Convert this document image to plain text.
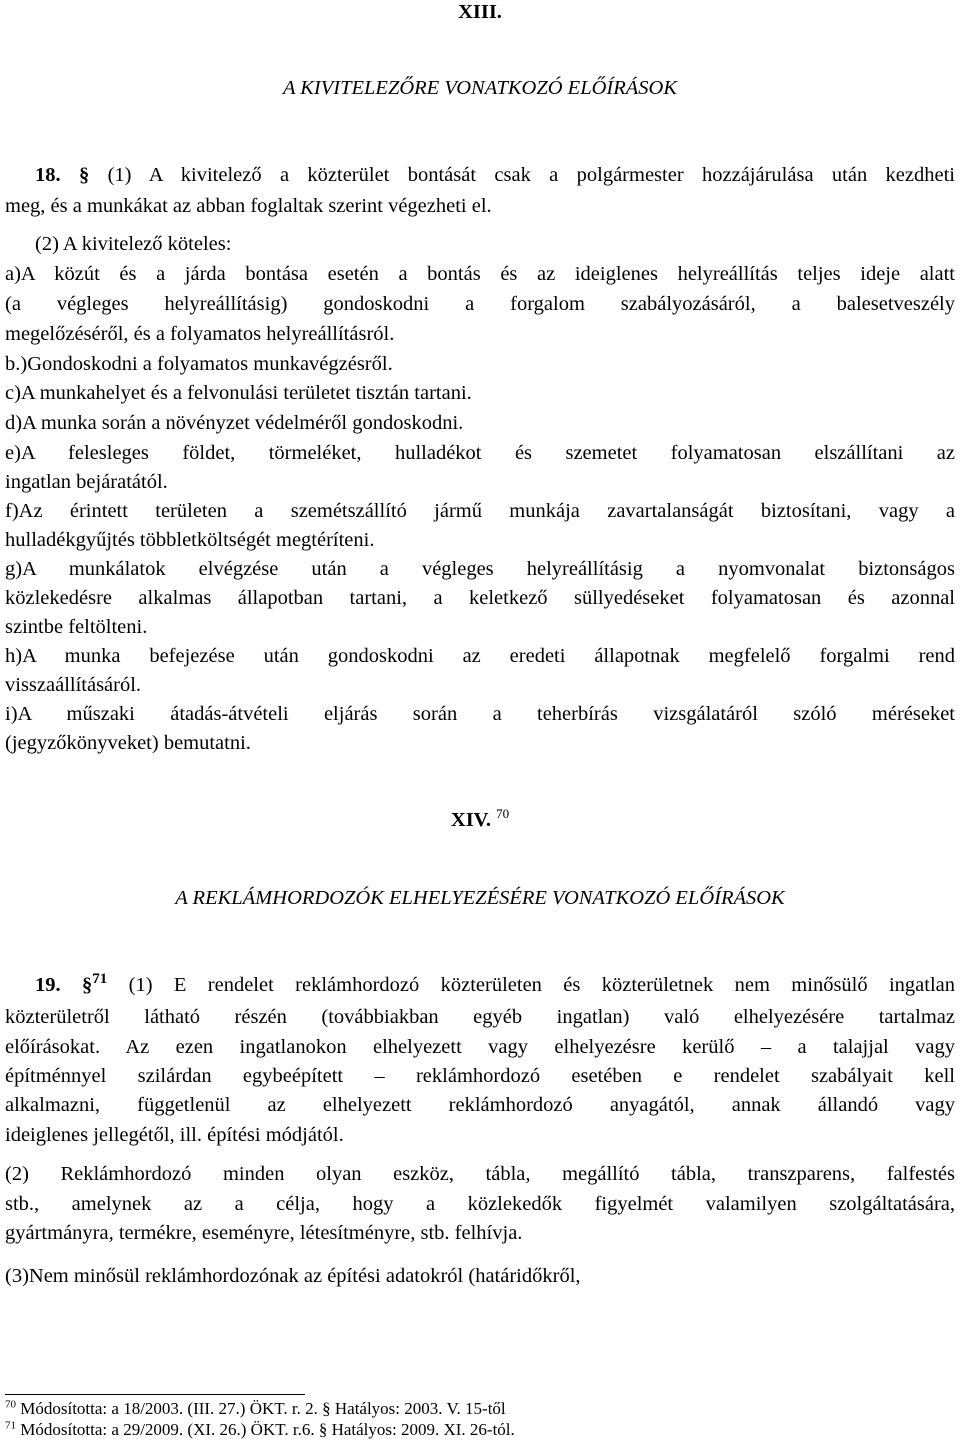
XIII.
A KIVITELEZŐRE VONATKOZÓ ELŐÍRÁSOK
18. § (1) A kivitelező a közterület bontását csak a polgármester hozzájárulása után kezdheti
meg, és a munkákat az abban foglaltak szerint végezheti el.
(2) A kivitelező köteles:
a)A közút és a járda bontása esetén a bontás és az ideiglenes helyreállítás teljes ideje alatt
(a végleges helyreállításig) gondoskodni a forgalom szabályozásáról, a balesetveszély
megelőzéséről, és a folyamatos helyreállításról.
b.)Gondoskodni a folyamatos munkavégzésről.
c)A munkahelyet és a felvonulási területet tisztán tartani.
d)A munka során a növényzet védelméről gondoskodni.
e)A felesleges földet, törmeléket, hulladékot és szemetet folyamatosan elszállítani az
ingatlan bejáratától.
f)Az érintett területen a szemétszállító jármű munkája zavartalanságát biztosítani, vagy a
hulladékgyűjtés többletköltségét megtéríteni.
g)A munkálatok elvégzése után a végleges helyreállításig a nyomvonalat biztonságos
közlekedésre alkalmas állapotban tartani, a keletkező süllyedéseket folyamatosan és azonnal
szintbe feltölteni.
h)A munka befejezése után gondoskodni az eredeti állapotnak megfelelő forgalmi rend
visszaállításáról.
i)A műszaki átadás-átvételi eljárás során a teherbírás vizsgálatáról szóló méréseket
(jegyzőkönyveket) bemutatni.
XIV. $^{70}$
A REKLÁMHORDOZÓK ELHELYEZÉSÉRE VONATKOZÓ ELŐÍRÁSOK
19. §$^{71}$ (1) E rendelet reklámhordozó közterületen és közterületnek nem minősülő ingatlan
közterületről látható részén (továbbiakban egyéb ingatlan) való elhelyezésére tartalmaz
előírásokat. Az ezen ingatlanokon elhelyezett vagy elhelyezésre kerülő – a talajjal vagy
építménnyel szilárdan egybeépített – reklámhordozó esetében e rendelet szabályait kell
alkalmazni, függetlenül az elhelyezett reklámhordozó anyagától, annak állandó vagy
ideiglenes jellegétől, ill. építési módjától.
(2) Reklámhordozó minden olyan eszköz, tábla, megállító tábla, transzparens, falfestés
stb., amelynek az a célja, hogy a közlekedők figyelmét valamilyen szolgáltatására,
gyártmányra, termékre, eseményre, létesítményre, stb. felhívja.
(3)Nem minősül reklámhordozónak az építési adatokról (határidőkről,
$^{70}$ Módosította: a 18/2003. (III. 27.) ÖKT. r. 2. § Hatályos: 2003. V. 15-től
$^{71}$ Módosította: a 29/2009. (XI. 26.) ÖKT. r.6. § Hatályos: 2009. XI. 26-tól.
